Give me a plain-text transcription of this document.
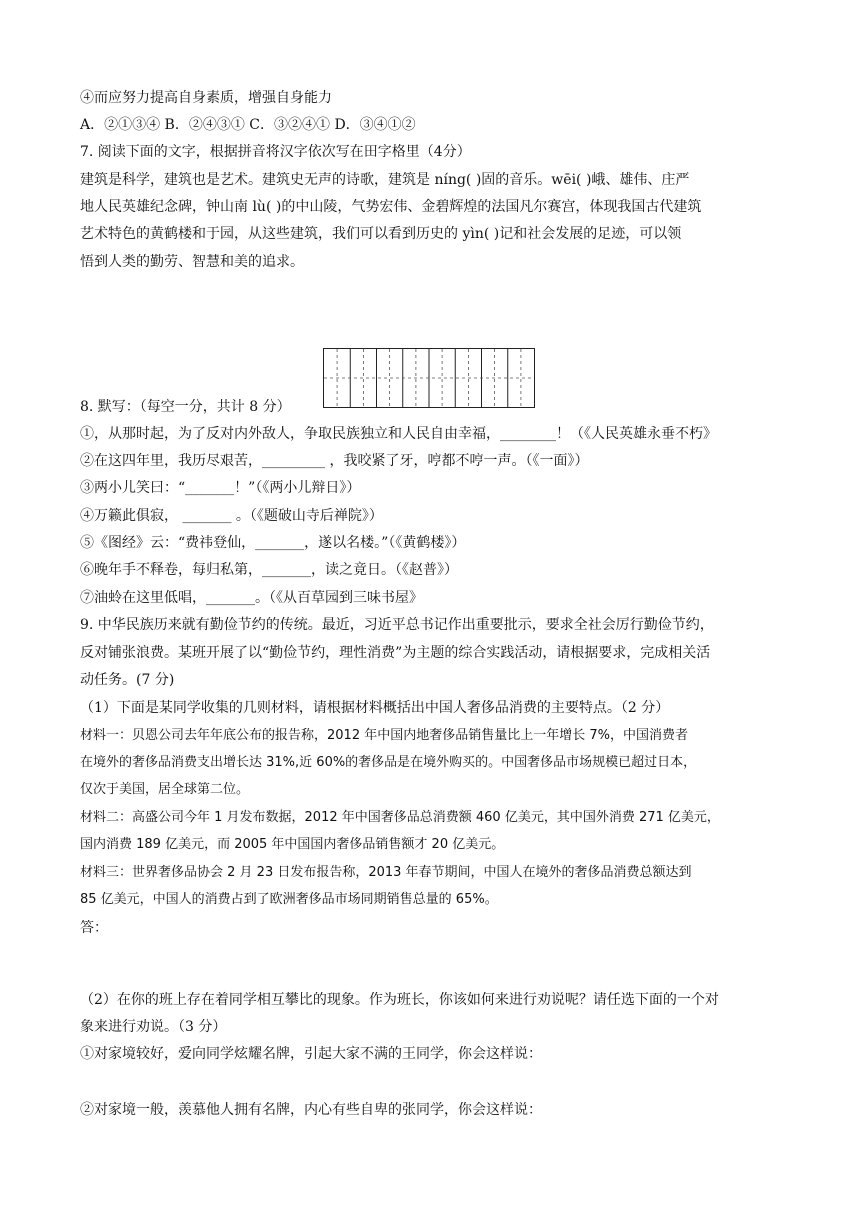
④而应努力提高自身素质，增强自身能力
A．②①③④ B．②④③① C．③②④① D．③④①②
7. 阅读下面的文字，根据拼音将汉字依次写在田字格里（4分）
建筑是科学，建筑也是艺术。建筑史无声的诗歌，建筑是 níng( )固的音乐。wēi( )峨、雄伟、庄严
地人民英雄纪念碑，钟山南 lù( )的中山陵，气势宏伟、金碧辉煌的法国凡尔赛宫，体现我国古代建筑
艺术特色的黄鹤楼和于园，从这些建筑，我们可以看到历史的 yìn( )记和社会发展的足迹，可以领
悟到人类的勤劳、智慧和美的追求。
8. 默写：（每空一分，共计 8 分）
①，从那时起，为了反对内外敌人，争取民族独立和人民自由幸福，________！（《人民英雄永垂不朽》
②在这四年里，我历尽艰苦，_________ ，我咬紧了牙，哼都不哼一声。（《一面》）
③两小儿笑曰：“_______！”（《两小儿辩日》）
④万籁此俱寂， _______ 。（《题破山寺后禅院》）
⑤《图经》云：“费祎登仙，_______，遂以名楼。”（《黄鹤楼》）
⑥晚年手不释卷，每归私第，_______，读之竟日。（《赵普》）
⑦油蛉在这里低唱，_______。（《从百草园到三味书屋》
9. 中华民族历来就有勤俭节约的传统。最近，习近平总书记作出重要批示，要求全社会厉行勤俭节约，
反对铺张浪费。某班开展了以“勤俭节约，理性消费”为主题的综合实践活动，请根据要求，完成相关活
动任务。(7 分)
（1）下面是某同学收集的几则材料，请根据材料概括出中国人奢侈品消费的主要特点。（2 分）
材料一：贝恩公司去年年底公布的报告称，2012 年中国内地奢侈品销售量比上一年增长 7%，中国消费者
在境外的奢侈品消费支出增长达 31%,近 60%的奢侈品是在境外购买的。中国奢侈品市场规模已超过日本，
仅次于美国，居全球第二位。
材料二：高盛公司今年 1 月发布数据，2012 年中国奢侈品总消费额 460 亿美元，其中国外消费 271 亿美元，
国内消费 189 亿美元，而 2005 年中国国内奢侈品销售额才 20 亿美元。
材料三：世界奢侈品协会 2 月 23 日发布报告称，2013 年春节期间，中国人在境外的奢侈品消费总额达到
85 亿美元，中国人的消费占到了欧洲奢侈品市场同期销售总量的 65%。
答：
（2）在你的班上存在着同学相互攀比的现象。作为班长，你该如何来进行劝说呢？请任选下面的一个对
象来进行劝说。（3 分）
①对家境较好，爱向同学炫耀名牌，引起大家不满的王同学，你会这样说：
②对家境一般，羡慕他人拥有名牌，内心有些自卑的张同学，你会这样说：
